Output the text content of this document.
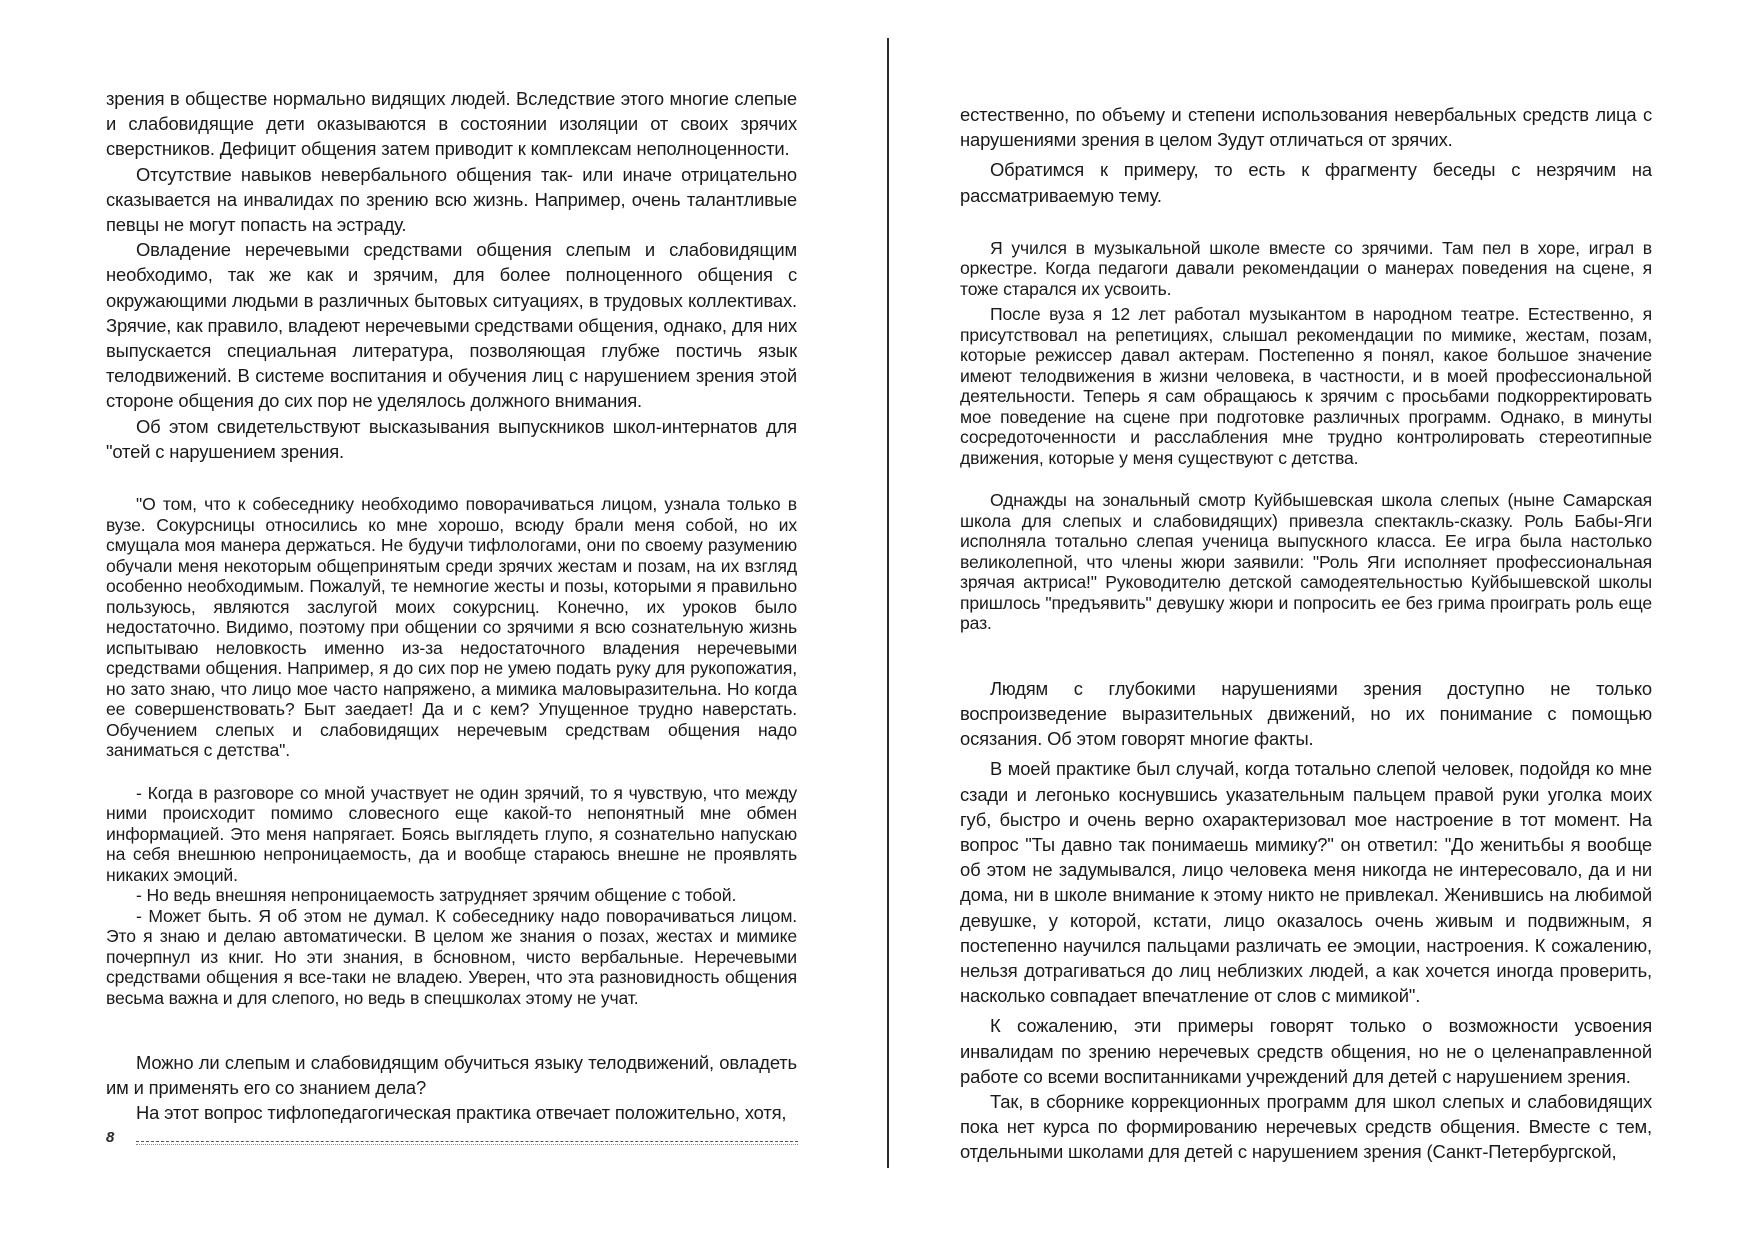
зрения в обществе нормально видящих людей. Вследствие этого многие слепые и слабовидящие дети оказываются в состоянии изоляции от своих зрячих сверстников. Дефицит общения затем приводит к комплексам неполноценности.

Отсутствие навыков невербального общения так- или иначе отрицательно сказывается на инвалидах по зрению всю жизнь. Например, очень талантливые певцы не могут попасть на эстраду.

Овладение неречевыми средствами общения слепым и слабовидящим необходимо, так же как и зрячим, для более полноценного общения с окружающими людьми в различных бытовых ситуациях, в трудовых коллективах. Зрячие, как правило, владеют неречевыми средствами общения, однако, для них выпускается специальная литература, позволяющая глубже постичь язык телодвижений. В системе воспитания и обучения лиц с нарушением зрения этой стороне общения до сих пор не уделялось должного внимания.

Об этом свидетельствуют высказывания выпускников школ-интернатов для "отей с нарушением зрения.

"О том, что к собеседнику необходимо поворачиваться лицом, узнала только в вузе. Сокурсницы относились ко мне хорошо, всюду брали меня собой, но их смущала моя манера держаться. Не будучи тифлологами, они по своему разумению обучали меня некоторым общепринятым среди зрячих жестам и позам, на их взгляд особенно необходимым. Пожалуй, те немногие жесты и позы, которыми я правильно пользуюсь, являются заслугой моих сокурсниц. Конечно, их уроков было недостаточно. Видимо, поэтому при общении со зрячими я всю сознательную жизнь испытываю неловкость именно из-за недостаточного владения неречевыми средствами общения. Например, я до сих пор не умею подать руку для рукопожатия, но зато знаю, что лицо мое часто напряжено, а мимика маловыразительна. Но когда ее совершенствовать? Быт заедает! Да и с кем? Упущенное трудно наверстать. Обучением слепых и слабовидящих неречевым средствам общения надо заниматься с детства".

- Когда в разговоре со мной участвует не один зрячий, то я чувствую, что между ними происходит помимо словесного еще какой-то непонятный мне обмен информацией. Это меня напрягает. Боясь выглядеть глупо, я сознательно напускаю на себя внешнюю непроницаемость, да и вообще стараюсь внешне не проявлять никаких эмоций.

- Но ведь внешняя непроницаемость затрудняет зрячим общение с тобой.

- Может быть. Я об этом не думал. К собеседнику надо поворачиваться лицом. Это я знаю и делаю автоматически. В целом же знания о позах, жестах и мимике почерпнул из книг. Но эти знания, в бсновном, чисто вербальные. Неречевыми средствами общения я все-таки не владею. Уверен, что эта разновидность общения весьма важна и для слепого, но ведь в спецшколах этому не учат.

Можно ли слепым и слабовидящим обучиться языку телодвижений, овладеть им и применять его со знанием дела?

На этот вопрос тифлопедагогическая практика отвечает положительно, хотя,

8

естественно, по объему и степени использования невербальных средств лица с нарушениями зрения в целом Зудут отличаться от зрячих.

Обратимся к примеру, то есть к фрагменту беседы с незрячим на рассматриваемую тему.

Я учился в музыкальной школе вместе со зрячими. Там пел в хоре, играл в оркестре. Когда педагоги давали рекомендации о манерах поведения на сцене, я тоже старался их усвоить.

После вуза я 12 лет работал музыкантом в народном театре. Естественно, я присутствовал на репетициях, слышал рекомендации по мимике, жестам, позам, которые режиссер давал актерам. Постепенно я понял, какое большое значение имеют телодвижения в жизни человека, в частности, и в моей профессиональной деятельности. Теперь я сам обращаюсь к зрячим с просьбами подкорректировать мое поведение на сцене при подготовке различных программ. Однако, в минуты сосредоточенности и расслабления мне трудно контролировать стереотипные движения, которые у меня существуют с детства.

Однажды на зональный смотр Куйбышевская школа слепых (ныне Самарская школа для слепых и слабовидящих) привезла спектакль-сказку. Роль Бабы-Яги исполняла тотально слепая ученица выпускного класса. Ее игра была настолько великолепной, что члены жюри заявили: "Роль Яги исполняет профессиональная зрячая актриса!" Руководителю детской самодеятельностью Куйбышевской школы пришлось "предъявить" девушку жюри и попросить ее без грима проиграть роль еще раз.

Людям с глубокими нарушениями зрения доступно не только воспроизведение выразительных движений, но их понимание с помощью осязания. Об этом говорят многие факты.

В моей практике был случай, когда тотально слепой человек, подойдя ко мне сзади и легонько коснувшись указательным пальцем правой руки уголка моих губ, быстро и очень верно охарактеризовал мое настроение в тот момент. На вопрос "Ты давно так понимаешь мимику?" он ответил: "До женитьбы я вообще об этом не задумывался, лицо человека меня никогда не интересовало, да и ни дома, ни в школе внимание к этому никто не привлекал. Женившись на любимой девушке, у которой, кстати, лицо оказалось очень живым и подвижным, я постепенно научился пальцами различать ее эмоции, настроения. К сожалению, нельзя дотрагиваться до лиц неблизких людей, а как хочется иногда проверить, насколько совпадает впечатление от слов с мимикой".

К сожалению, эти примеры говорят только о возможности усвоения инвалидам по зрению неречевых средств общения, но не о целенаправленной работе со всеми воспитанниками учреждений для детей с нарушением зрения.

Так, в сборнике коррекционных программ для школ слепых и слабовидящих пока нет курса по формированию неречевых средств общения. Вместе с тем, отдельными школами для детей с нарушением зрения (Санкт-Петербургской,
